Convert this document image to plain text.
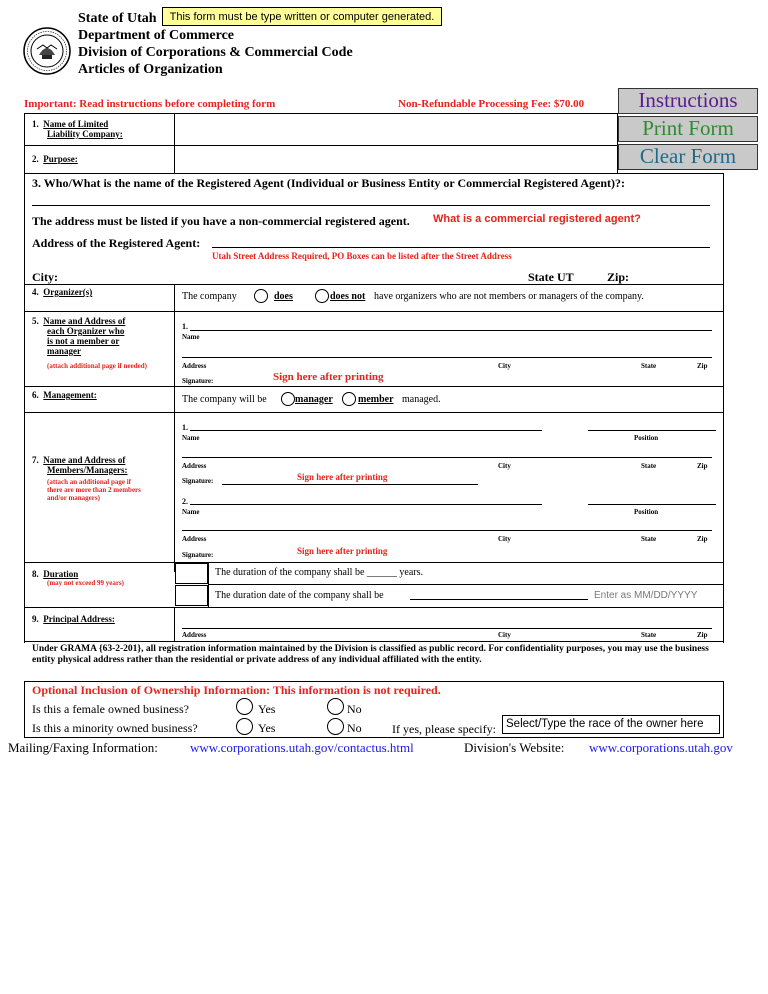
State of Utah	This form must be type written or computer generated.
Department of Commerce
Division of Corporations & Commercial Code
Articles of Organization
Important: Read instructions before completing form	Non-Refundable Processing Fee: $70.00	Instructions
Print Form
Clear Form
1. Name of Limited
Liability Company:
2. Purpose:
3. Who/What is the name of the Registered Agent (Individual or Business Entity or Commercial Registered Agent)?:
The address must be listed if you have a non-commercial registered agent. What is a commercial registered agent?
Address of the Registered Agent:
Utah Street Address Required, PO Boxes can be listed after the Street Address
City:	State UT	Zip:
4. Organizer(s)	The company	does	does not have organizers who are not members or managers of the company.
5. Name and Address of
each Organizer who
is not a member or
manager
(attach additional page if needed)
1.
Name
Address	City	State	Zip
Signature:	Sign here after printing
6. Management:	The company will be	manager	member managed.
7. Name and Address of
Members/Managers:
(attach an additional page if there are more than 2 members and/or managers)
1.
Name	Position
Address	City	State	Zip
Signature:	Sign here after printing
2.
Name	Position
Address	City	State	Zip
Signature:	Sign here after printing
8. Duration
(may not exceed 99 years)
The duration of the company shall be ______ years.
The duration date of the company shall be	Enter as MM/DD/YYYY
9. Principal Address:
Address	City	State	Zip
Under GRAMA {63-2-201}, all registration information maintained by the Division is classified as public record. For confidentiality purposes, you may use the business entity physical address rather than the residential or private address of any individual affiliated with the entity.
Optional Inclusion of Ownership Information: This information is not required.
Is this a female owned business?	Yes	No
Is this a minority owned business?	Yes	No	If yes, please specify: Select/Type the race of the owner here
Mailing/Faxing Information: www.corporations.utah.gov/contactus.html	Division's Website: www.corporations.utah.gov
